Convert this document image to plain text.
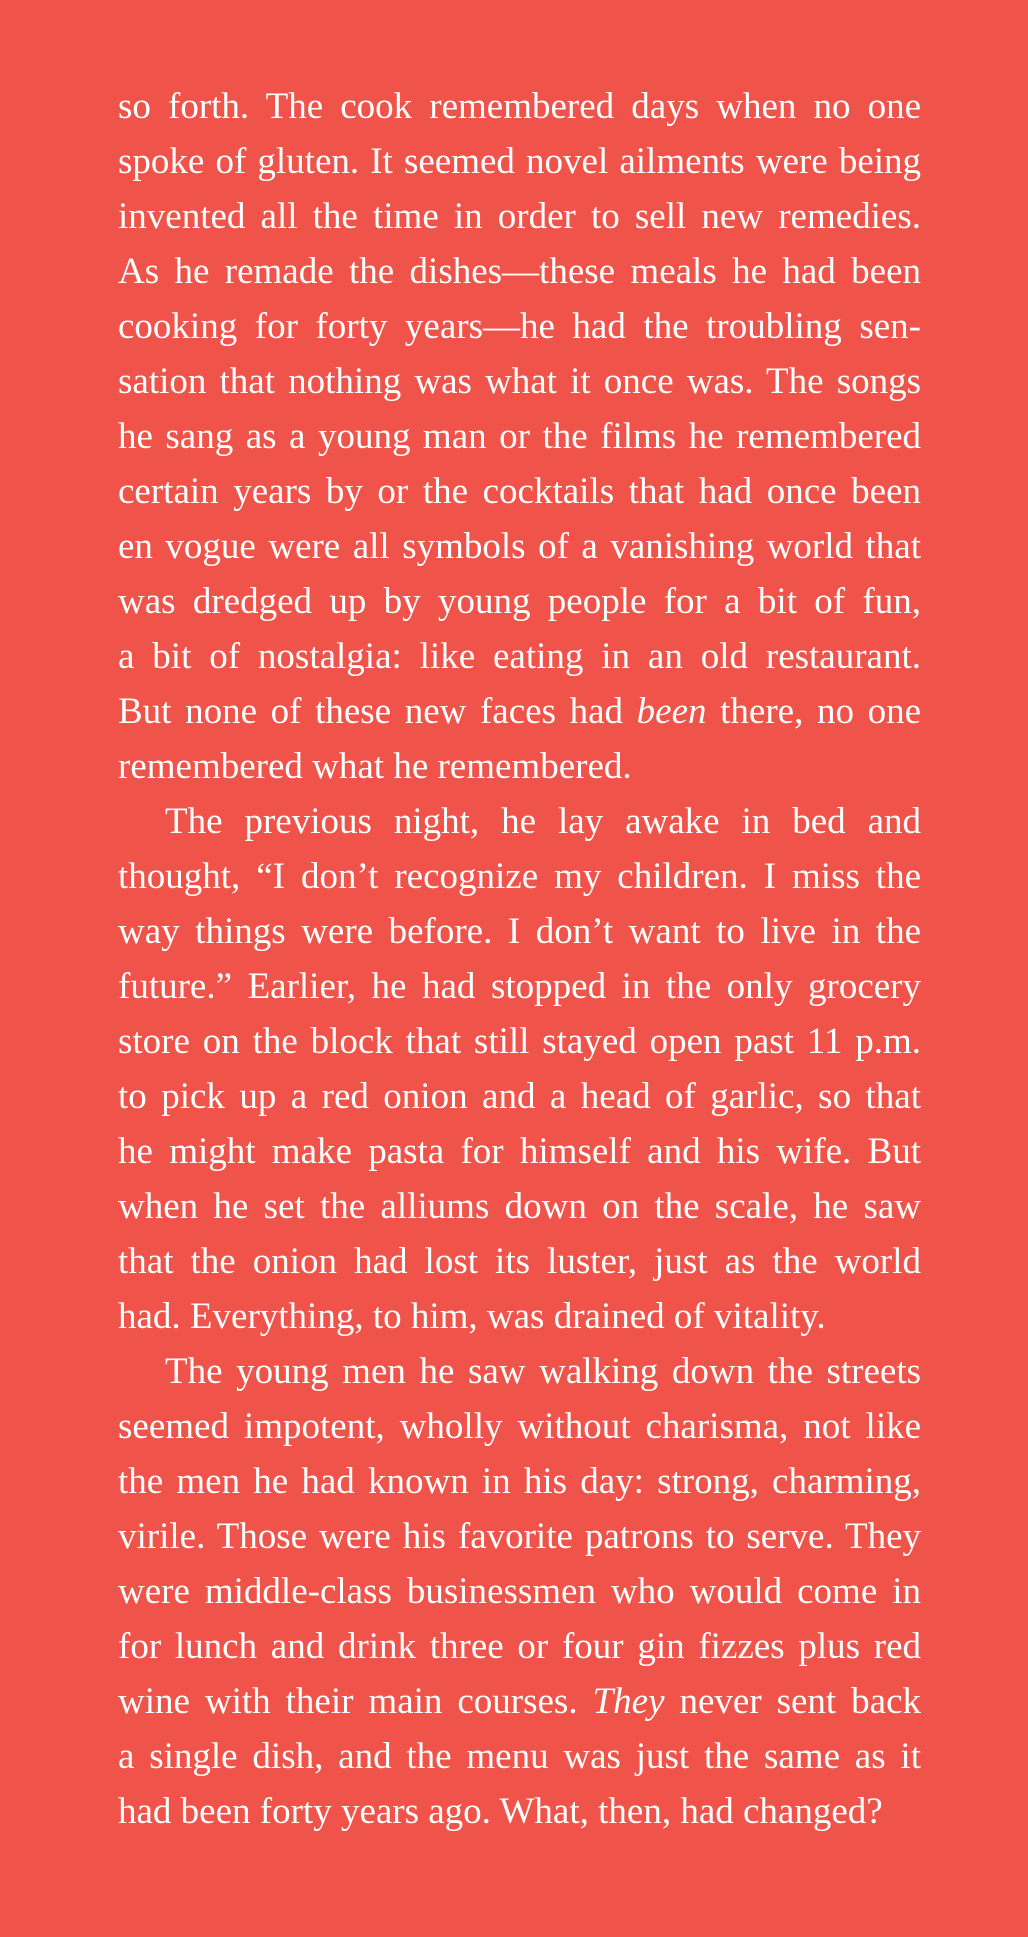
so forth. The cook remembered days when no one
spoke of gluten. It seemed novel ailments were being
invented all the time in order to sell new remedies.
As he remade the dishes—these meals he had been
cooking for forty years—he had the troubling sen-
sation that nothing was what it once was. The songs
he sang as a young man or the films he remembered
certain years by or the cocktails that had once been
en vogue were all symbols of a vanishing world that
was dredged up by young people for a bit of fun,
a bit of nostalgia: like eating in an old restaurant.
But none of these new faces had been there, no one
remembered what he remembered.
The previous night, he lay awake in bed and
thought, “I don’t recognize my children. I miss the
way things were before. I don’t want to live in the
future.” Earlier, he had stopped in the only grocery
store on the block that still stayed open past 11 p.m.
to pick up a red onion and a head of garlic, so that
he might make pasta for himself and his wife. But
when he set the alliums down on the scale, he saw
that the onion had lost its luster, just as the world
had. Everything, to him, was drained of vitality.
The young men he saw walking down the streets
seemed impotent, wholly without charisma, not like
the men he had known in his day: strong, charming,
virile. Those were his favorite patrons to serve. They
were middle-class businessmen who would come in
for lunch and drink three or four gin fizzes plus red
wine with their main courses. They never sent back
a single dish, and the menu was just the same as it
had been forty years ago. What, then, had changed?
